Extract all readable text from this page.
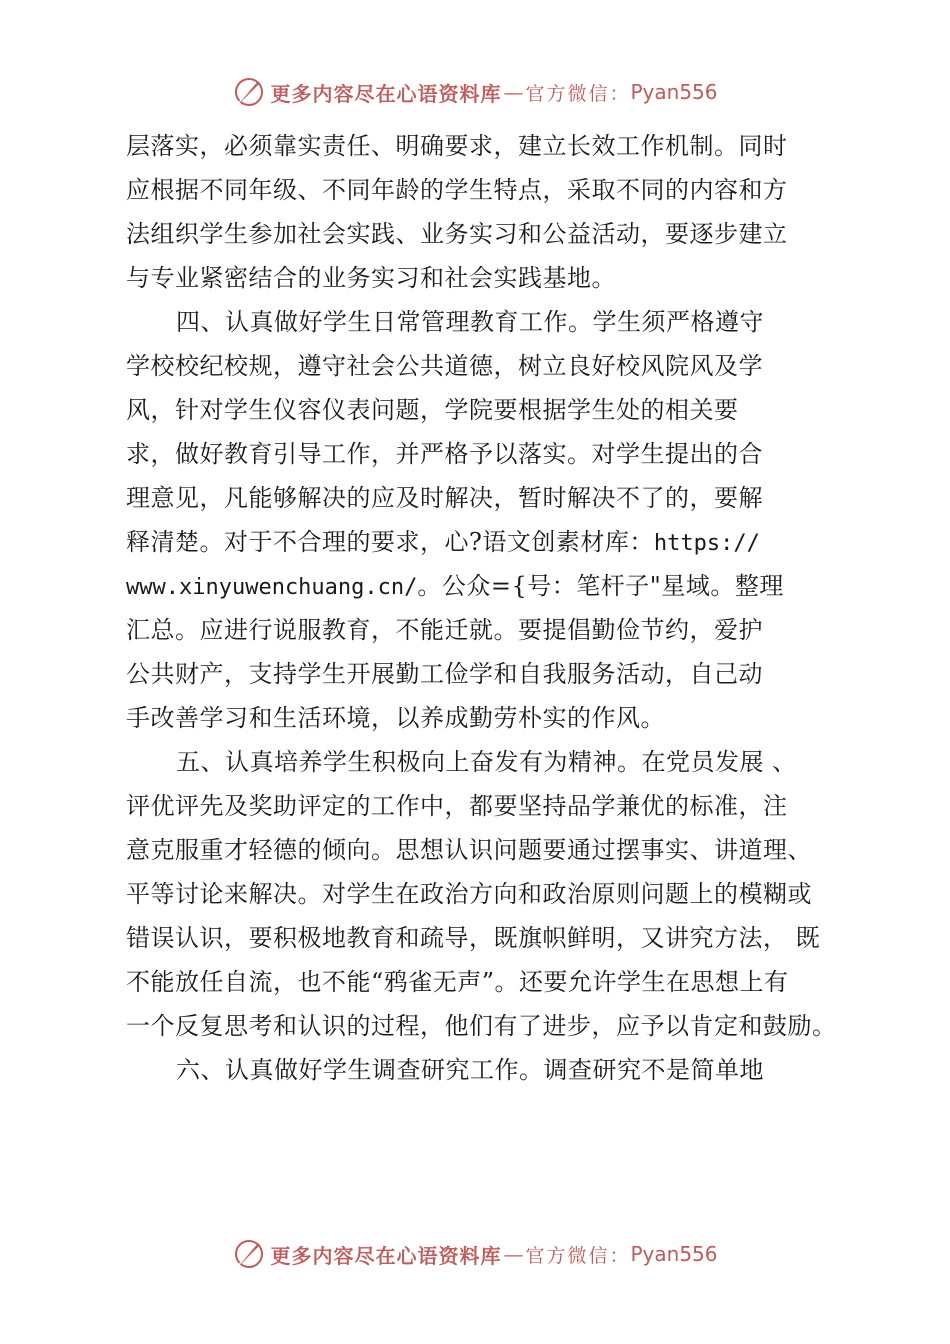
更多内容尽在心语资料库 — 官方微信： Pyan556
层落实，必须靠实责任、明确要求，建立长效工作机制。同时
应根据不同年级、不同年龄的学生特点，采取不同的内容和方
法组织学生参加社会实践、业务实习和公益活动，要逐步建立
与专业紧密结合的业务实习和社会实践基地。
四、认真做好学生日常管理教育工作。学生须严格遵守
学校校纪校规，遵守社会公共道德，树立良好校风院风及学
风，针对学生仪容仪表问题，学院要根据学生处的相关要
求，做好教育引导工作，并严格予以落实。对学生提出的合
理意见，凡能够解决的应及时解决，暂时解决不了的，要解
释清楚。对于不合理的要求，心?语文创素材库：https://
www.xinyuwenchuang.cn/。公众={号：笔杆子"星域。整理
汇总。应进行说服教育，不能迁就。要提倡勤俭节约，爱护
公共财产，支持学生开展勤工俭学和自我服务活动，自己动
手改善学习和生活环境，以养成勤劳朴实的作风。
五、认真培养学生积极向上奋发有为精神。在党员发展 、
评优评先及奖助评定的工作中，都要坚持品学兼优的标准，注
意克服重才轻德的倾向。思想认识问题要通过摆事实、讲道理、
平等讨论来解决。对学生在政治方向和政治原则问题上的模糊或
错误认识，要积极地教育和疏导，既旗帜鲜明，又讲究方法， 既
不能放任自流，也不能“鸦雀无声”。还要允许学生在思想上有
一个反复思考和认识的过程，他们有了进步，应予以肯定和鼓励。
六、认真做好学生调查研究工作。调查研究不是简单地
更多内容尽在心语资料库 — 官方微信： Pyan556
